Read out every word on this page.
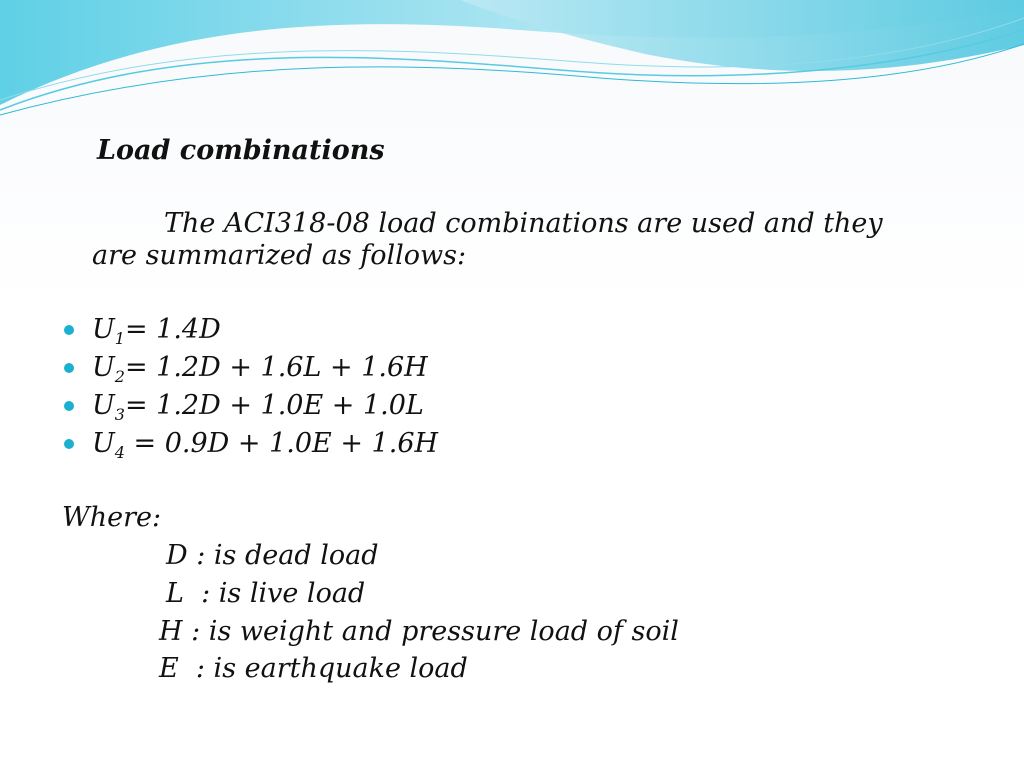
Load combinations
The ACI318-08 load combinations are used and they are summarized as follows:
$U_1= 1.4D$
$U_2= 1.2D + 1.6L + 1.6H$
$U_3= 1.2D + 1.0E + 1.0L$
$U_4 = 0.9D + 1.0E + 1.6H$
Where:
D : is dead load
L  : is live load
H : is weight and pressure load of soil
E  : is earthquake load
